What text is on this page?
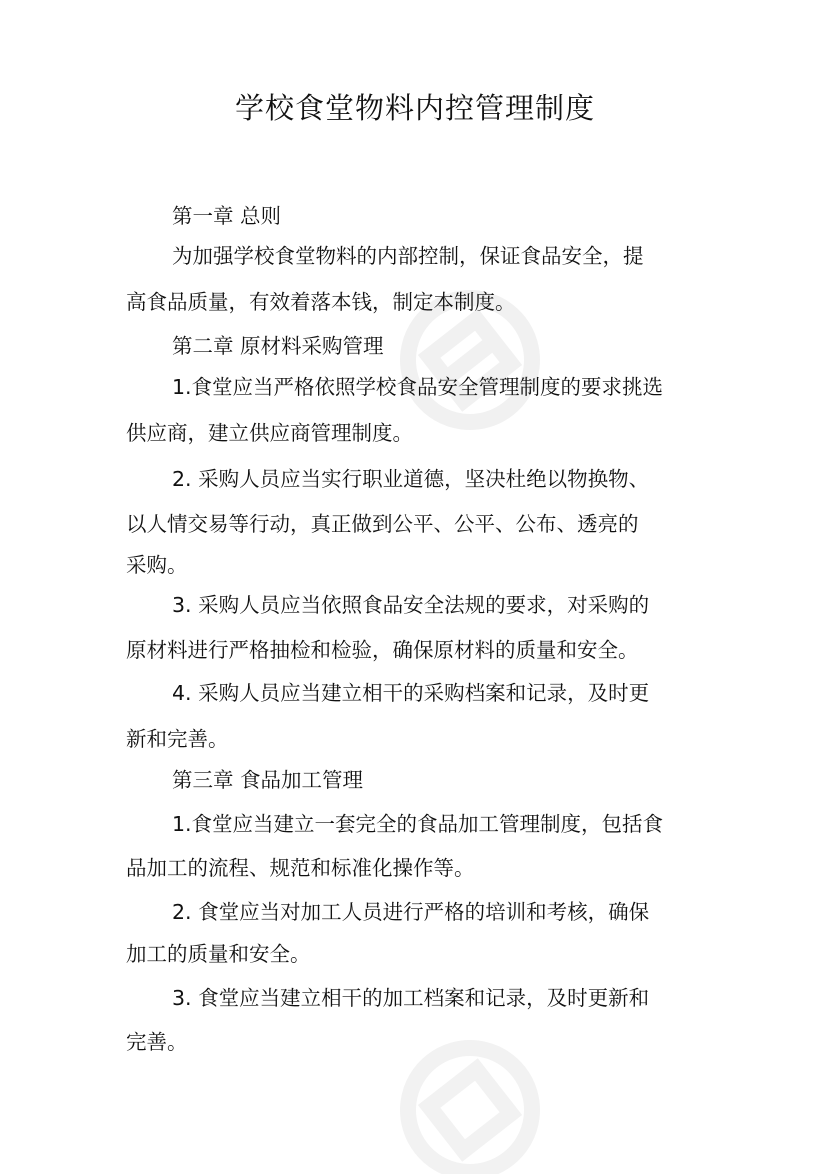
学校食堂物料内控管理制度
第一章 总则
为加强学校食堂物料的内部控制，保证食品安全，提
高食品质量，有效着落本钱，制定本制度。
第二章 原材料采购管理
1.食堂应当严格依照学校食品安全管理制度的要求挑选
供应商，建立供应商管理制度。
2. 采购人员应当实行职业道德，坚决杜绝以物换物、
以人情交易等行动，真正做到公平、公平、公布、透亮的
采购。
3. 采购人员应当依照食品安全法规的要求，对采购的
原材料进行严格抽检和检验，确保原材料的质量和安全。
4. 采购人员应当建立相干的采购档案和记录，及时更
新和完善。
第三章 食品加工管理
1.食堂应当建立一套完全的食品加工管理制度，包括食
品加工的流程、规范和标准化操作等。
2. 食堂应当对加工人员进行严格的培训和考核，确保
加工的质量和安全。
3. 食堂应当建立相干的加工档案和记录，及时更新和
完善。
